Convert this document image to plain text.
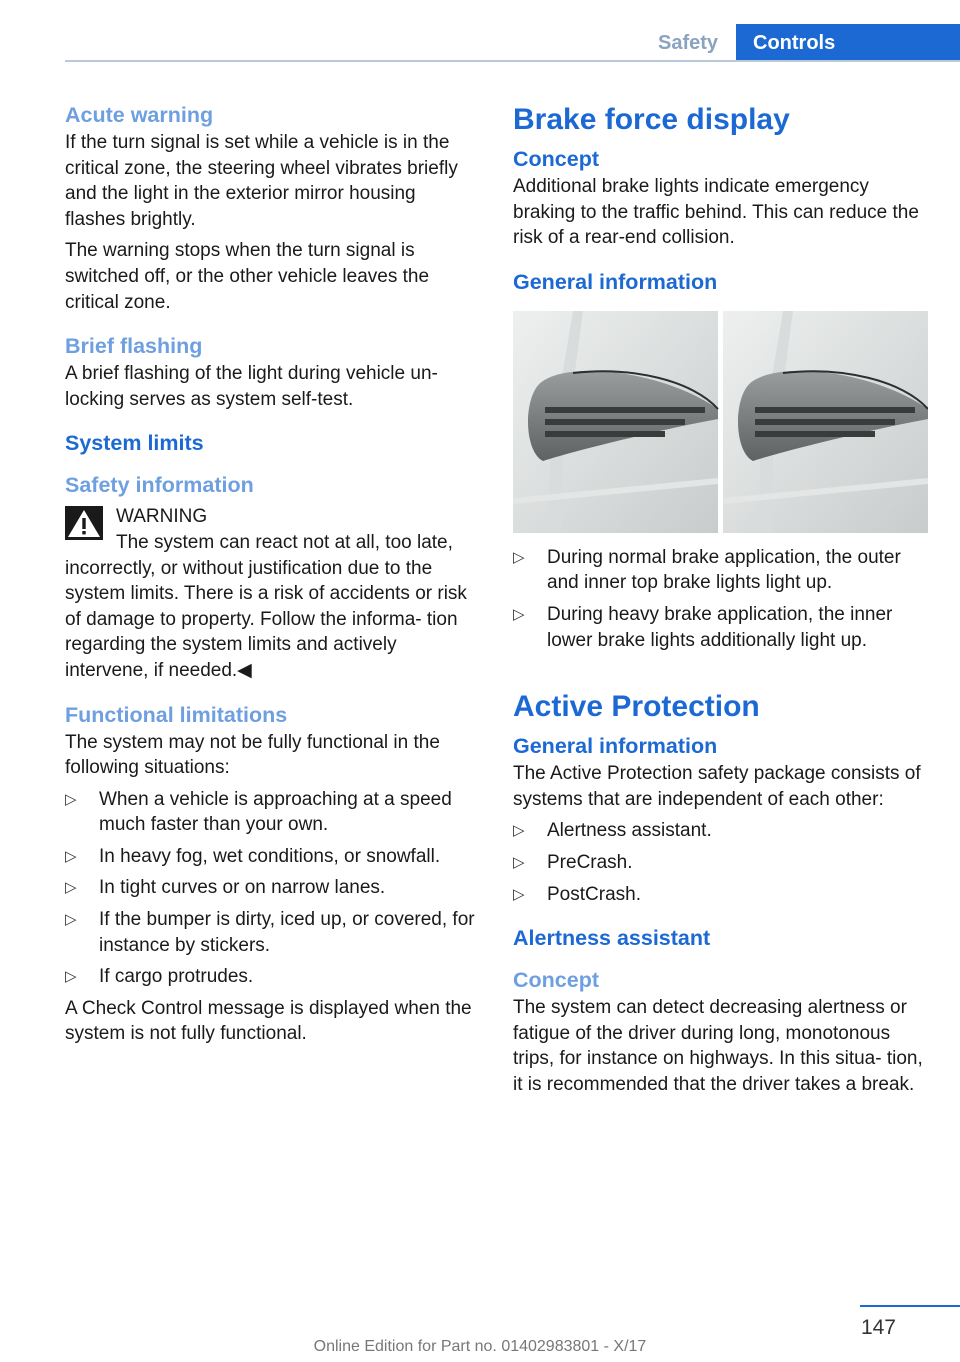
Safety	Controls
Acute warning

If the turn signal is set while a vehicle is in the critical zone, the steering wheel vibrates briefly and the light in the exterior mirror housing flashes brightly.

The warning stops when the turn signal is switched off, or the other vehicle leaves the critical zone.

Brief flashing

A brief flashing of the light during vehicle un‐ locking serves as system self-test.

System limits
Safety information
WARNING
The system can react not at all, too late,

incorrectly, or without justification due to the system limits. There is a risk of accidents or risk of damage to property. Follow the informa‐ tion regarding the system limits and actively intervene, if needed.◀

Functional limitations

The system may not be fully functional in the following situations:

▷	When a vehicle is approaching at a speed much faster than your own.
▷	In heavy fog, wet conditions, or snowfall.
▷	In tight curves or on narrow lanes.
▷	If the bumper is dirty, iced up, or covered, for instance by stickers.
▷	If cargo protrudes.

A Check Control message is displayed when the system is not fully functional.

Brake force display
Concept

Additional brake lights indicate emergency braking to the traffic behind. This can reduce the risk of a rear-end collision.

General information
▷	During normal brake application, the outer and inner top brake lights light up.
▷	During heavy brake application, the inner lower brake lights additionally light up.
Active Protection
General information

The Active Protection safety package consists of systems that are independent of each other:

▷	Alertness assistant.
▷	PreCrash.
▷	PostCrash.
Alertness assistant
Concept

The system can detect decreasing alertness or fatigue of the driver during long, monotonous trips, for instance on highways. In this situa‐ tion, it is recommended that the driver takes a break.

147
Online Edition for Part no. 01402983801 - X/17
